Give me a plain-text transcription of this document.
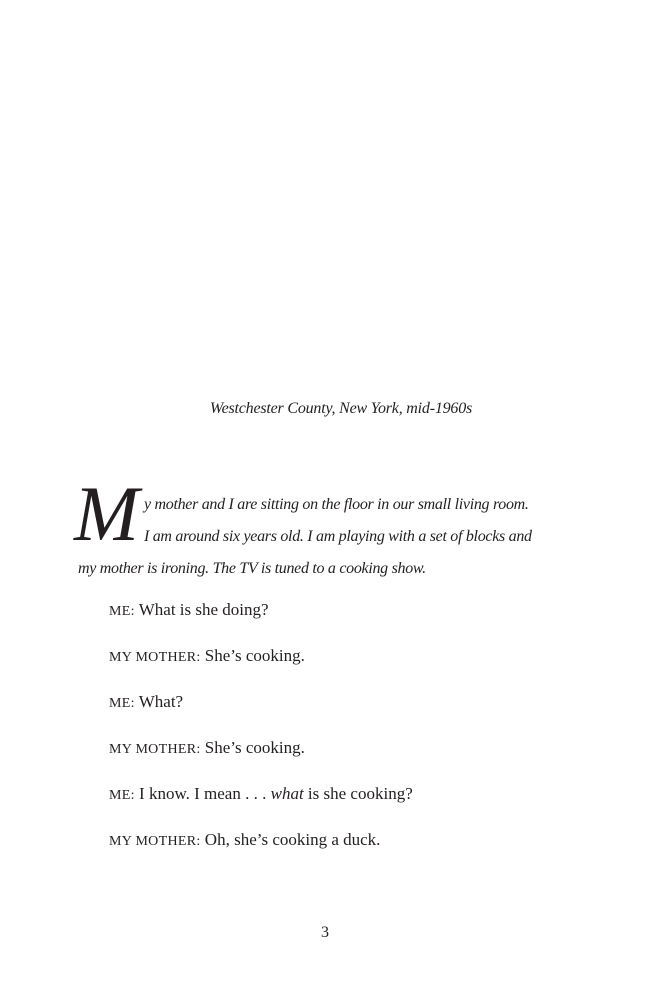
Westchester County, New York, mid-1960s
M y mother and I are sitting on the floor in our small living room.
I am around six years old. I am playing with a set of blocks and
my mother is ironing. The TV is tuned to a cooking show.
ME: What is she doing?
MY MOTHER: She’s cooking.
ME: What?
MY MOTHER: She’s cooking.
ME: I know. I mean . . . what is she cooking?
MY MOTHER: Oh, she’s cooking a duck.
3
